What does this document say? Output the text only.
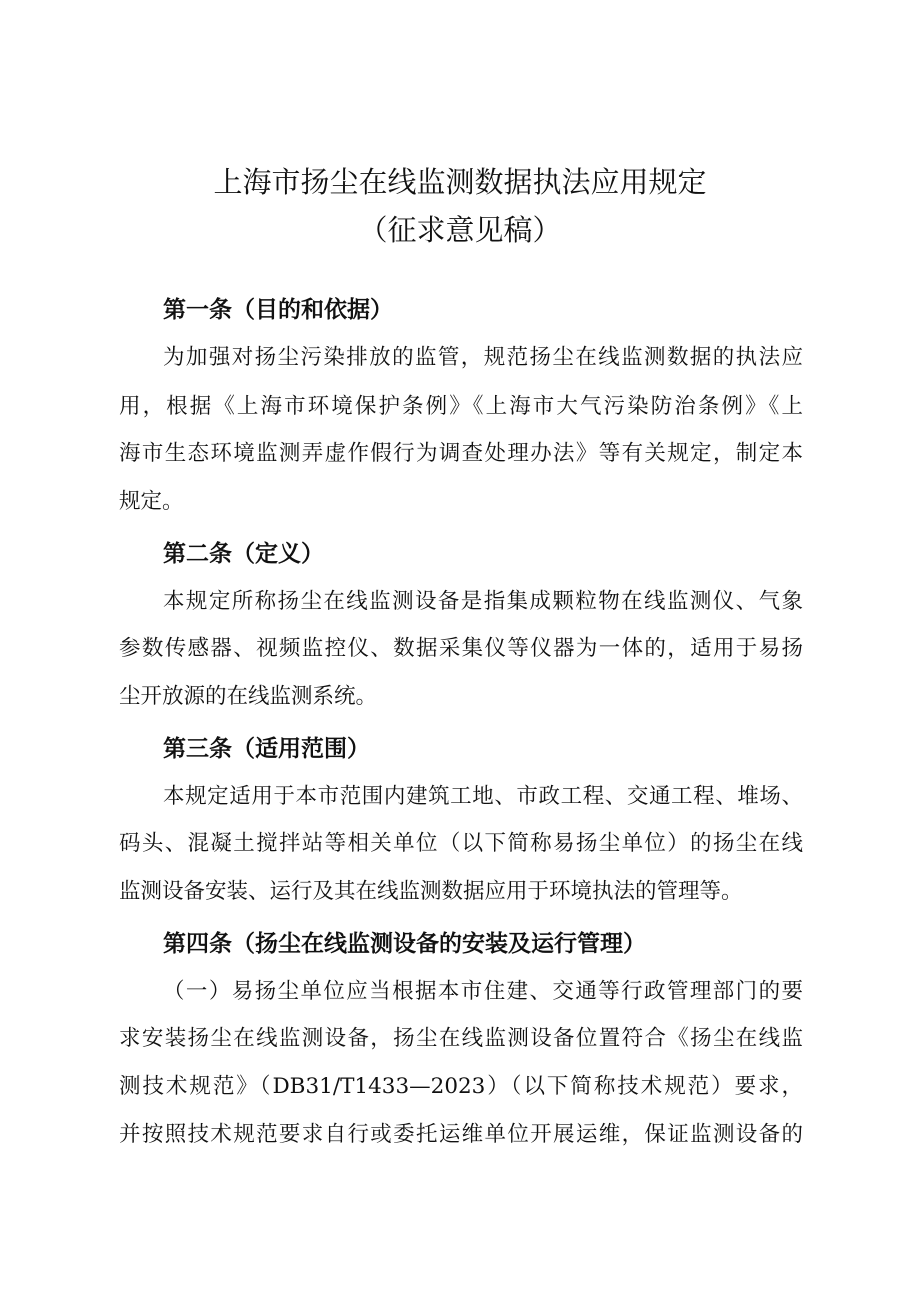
上海市扬尘在线监测数据执法应用规定
（征求意见稿）
第一条（目的和依据）
为加强对扬尘污染排放的监管，规范扬尘在线监测数据的执法应
用，根据《上海市环境保护条例》《上海市大气污染防治条例》《上
海市生态环境监测弄虚作假行为调查处理办法》等有关规定，制定本
规定。
第二条（定义）
本规定所称扬尘在线监测设备是指集成颗粒物在线监测仪、气象
参数传感器、视频监控仪、数据采集仪等仪器为一体的，适用于易扬
尘开放源的在线监测系统。
第三条（适用范围）
本规定适用于本市范围内建筑工地、市政工程、交通工程、堆场、
码头、混凝土搅拌站等相关单位（以下简称易扬尘单位）的扬尘在线
监测设备安装、运行及其在线监测数据应用于环境执法的管理等。
第四条（扬尘在线监测设备的安装及运行管理）
（一）易扬尘单位应当根据本市住建、交通等行政管理部门的要
求安装扬尘在线监测设备，扬尘在线监测设备位置符合《扬尘在线监
测技术规范》（DB31/T1433—2023）（以下简称技术规范）要求，
并按照技术规范要求自行或委托运维单位开展运维，保证监测设备的
